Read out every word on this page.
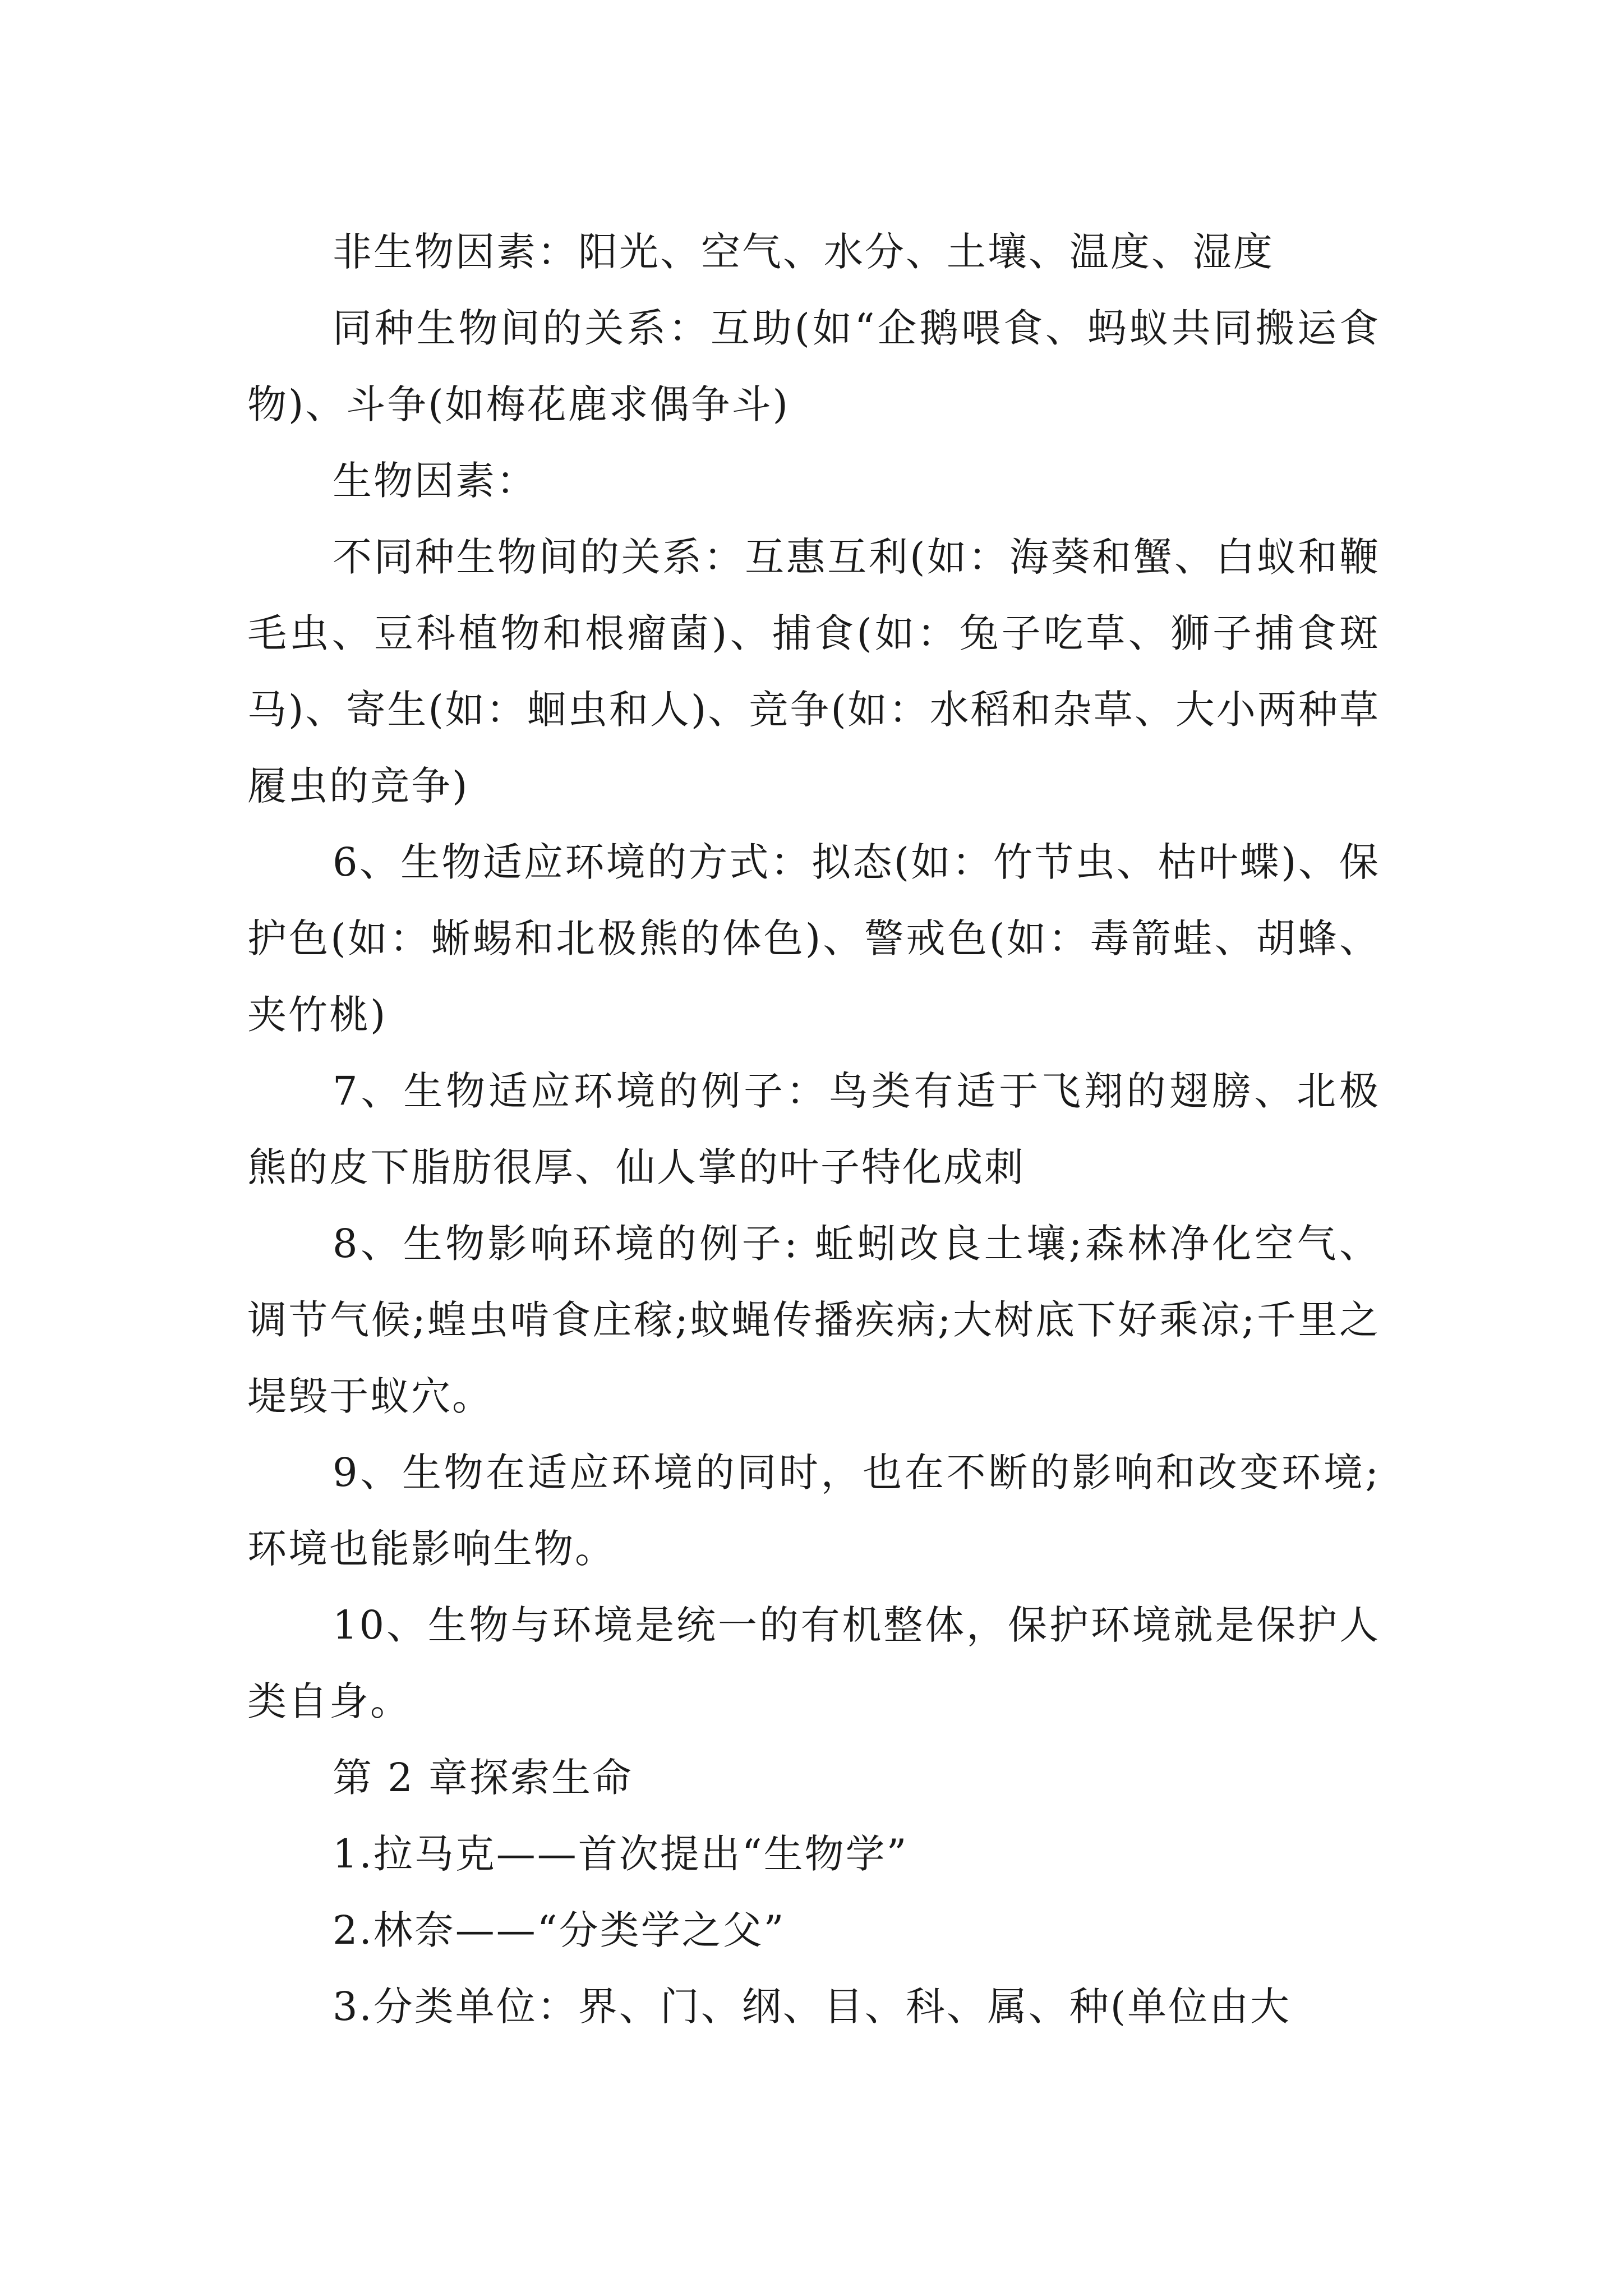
非生物因素：阳光、空气、水分、土壤、温度、湿度

同种生物间的关系：互助(如“企鹅喂食、蚂蚁共同搬运食物)、斗争(如梅花鹿求偶争斗)

生物因素：

不同种生物间的关系：互惠互利(如：海葵和蟹、白蚁和鞭毛虫、豆科植物和根瘤菌)、捕食(如：兔子吃草、狮子捕食斑马)、寄生(如：蛔虫和人)、竞争(如：水稻和杂草、大小两种草履虫的竞争)

6、生物适应环境的方式：拟态(如：竹节虫、枯叶蝶)、保护色(如：蜥蜴和北极熊的体色)、警戒色(如：毒箭蛙、胡蜂、夹竹桃)

7、生物适应环境的例子：鸟类有适于飞翔的翅膀、北极熊的皮下脂肪很厚、仙人掌的叶子特化成刺

8、生物影响环境的例子: 蚯蚓改良土壤;森林净化空气、调节气候;蝗虫啃食庄稼;蚊蝇传播疾病;大树底下好乘凉;千里之堤毁于蚁穴。

9、生物在适应环境的同时，也在不断的影响和改变环境;环境也能影响生物。

10、生物与环境是统一的有机整体，保护环境就是保护人类自身。

第 2 章探索生命

1.拉马克——首次提出“生物学”

2.林奈——“分类学之父”

3.分类单位：界、门、纲、目、科、属、种(单位由大
